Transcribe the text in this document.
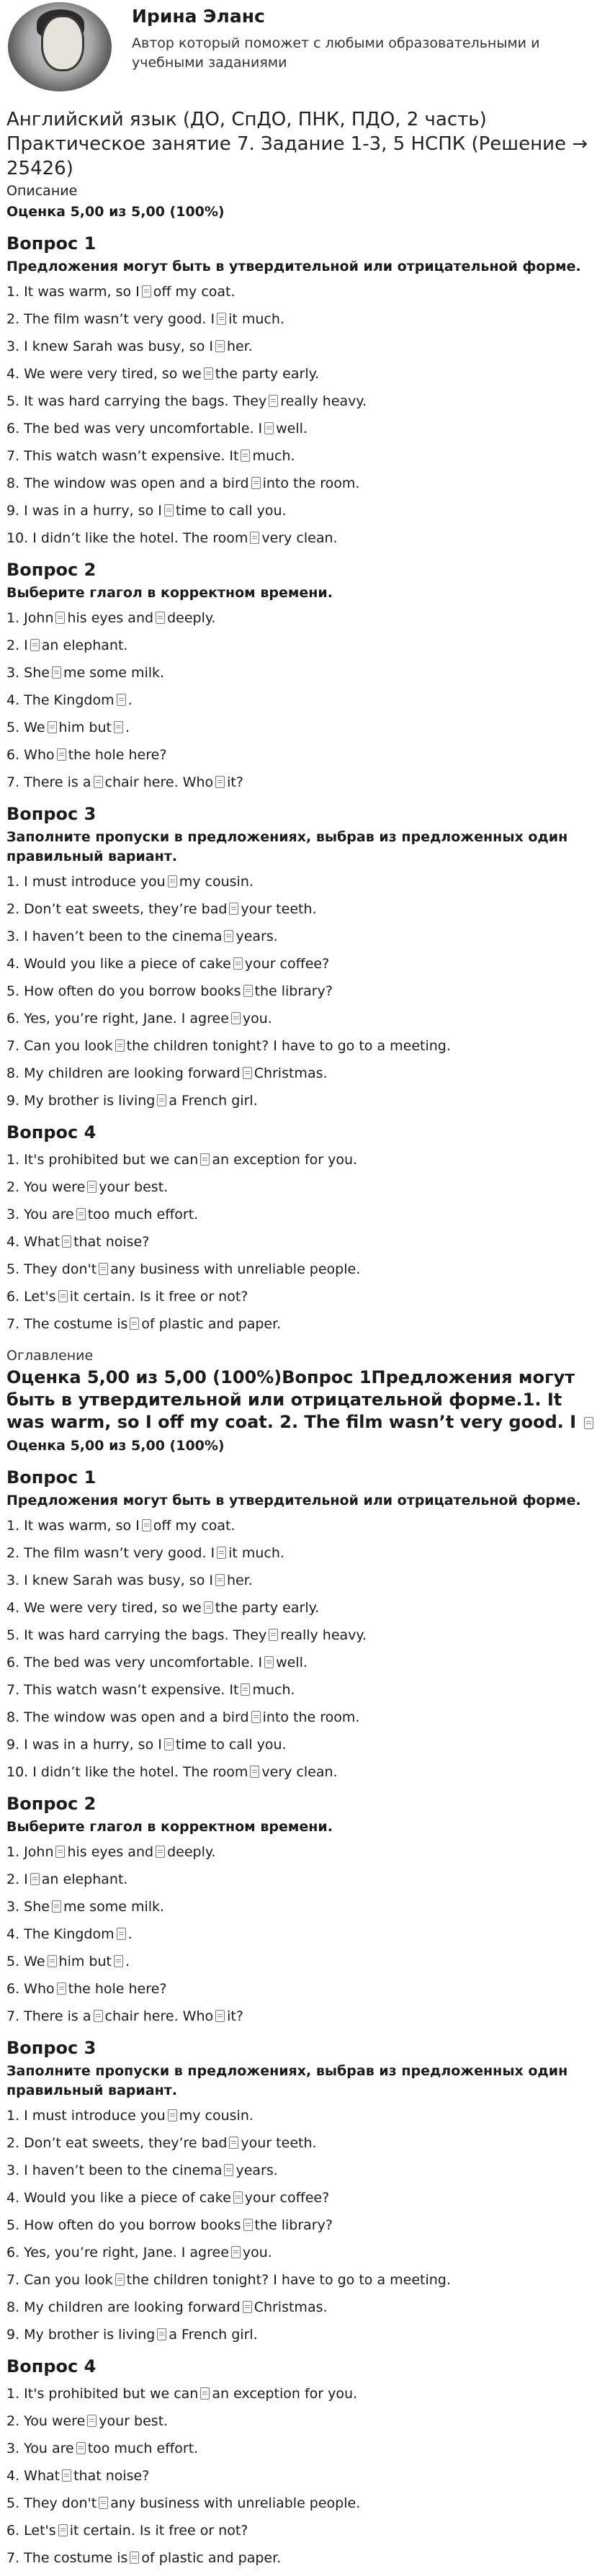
Ирина Эланс
Автор который поможет с любыми образовательными и учебными заданиями
Английский язык (ДО, СпДО, ПНК, ПДО, 2 часть) Практическое занятие 7. Задание 1-3, 5 НСПК (Решение → 25426)
Описание
Оценка 5,00 из 5,00 (100%)
Вопрос 1
Предложения могут быть в утвердительной или отрицательной форме.
1. It was warm, so I off my coat.
2. The film wasn’t very good. I it much.
3. I knew Sarah was busy, so I her.
4. We were very tired, so we the party early.
5. It was hard carrying the bags. They really heavy.
6. The bed was very uncomfortable. I well.
7. This watch wasn’t expensive. It much.
8. The window was open and a bird into the room.
9. I was in a hurry, so I time to call you.
10. I didn’t like the hotel. The room very clean.
Вопрос 2
Выберите глагол в корректном времени.
1. John his eyes and deeply.
2. I an elephant.
3. She me some milk.
4. The Kingdom .
5. We him but .
6. Who the hole here?
7. There is a chair here. Who it?
Вопрос 3
Заполните пропуски в предложениях, выбрав из предложенных один правильный вариант.
1. I must introduce you my cousin.
2. Don’t eat sweets, they’re bad your teeth.
3. I haven’t been to the cinema years.
4. Would you like a piece of cake your coffee?
5. How often do you borrow books the library?
6. Yes, you’re right, Jane. I agree you.
7. Can you look the children tonight? I have to go to a meeting.
8. My children are looking forward Christmas.
9. My brother is living a French girl.
Вопрос 4
1. It's prohibited but we can an exception for you.
2. You were your best.
3. You are too much effort.
4. What that noise?
5. They don't any business with unreliable people.
6. Let's it certain. Is it free or not?
7. The costume is of plastic and paper.
Оглавление
Оценка 5,00 из 5,00 (100%)Вопрос 1Предложения могут быть в утвердительной или отрицательной форме.1. It was warm, so I off my coat. 2. The film wasn’t very good. I
Оценка 5,00 из 5,00 (100%)
Вопрос 1
Предложения могут быть в утвердительной или отрицательной форме.
1. It was warm, so I off my coat.
2. The film wasn’t very good. I it much.
3. I knew Sarah was busy, so I her.
4. We were very tired, so we the party early.
5. It was hard carrying the bags. They really heavy.
6. The bed was very uncomfortable. I well.
7. This watch wasn’t expensive. It much.
8. The window was open and a bird into the room.
9. I was in a hurry, so I time to call you.
10. I didn’t like the hotel. The room very clean.
Вопрос 2
Выберите глагол в корректном времени.
1. John his eyes and deeply.
2. I an elephant.
3. She me some milk.
4. The Kingdom .
5. We him but .
6. Who the hole here?
7. There is a chair here. Who it?
Вопрос 3
Заполните пропуски в предложениях, выбрав из предложенных один правильный вариант.
1. I must introduce you my cousin.
2. Don’t eat sweets, they’re bad your teeth.
3. I haven’t been to the cinema years.
4. Would you like a piece of cake your coffee?
5. How often do you borrow books the library?
6. Yes, you’re right, Jane. I agree you.
7. Can you look the children tonight? I have to go to a meeting.
8. My children are looking forward Christmas.
9. My brother is living a French girl.
Вопрос 4
1. It's prohibited but we can an exception for you.
2. You were your best.
3. You are too much effort.
4. What that noise?
5. They don't any business with unreliable people.
6. Let's it certain. Is it free or not?
7. The costume is of plastic and paper.
